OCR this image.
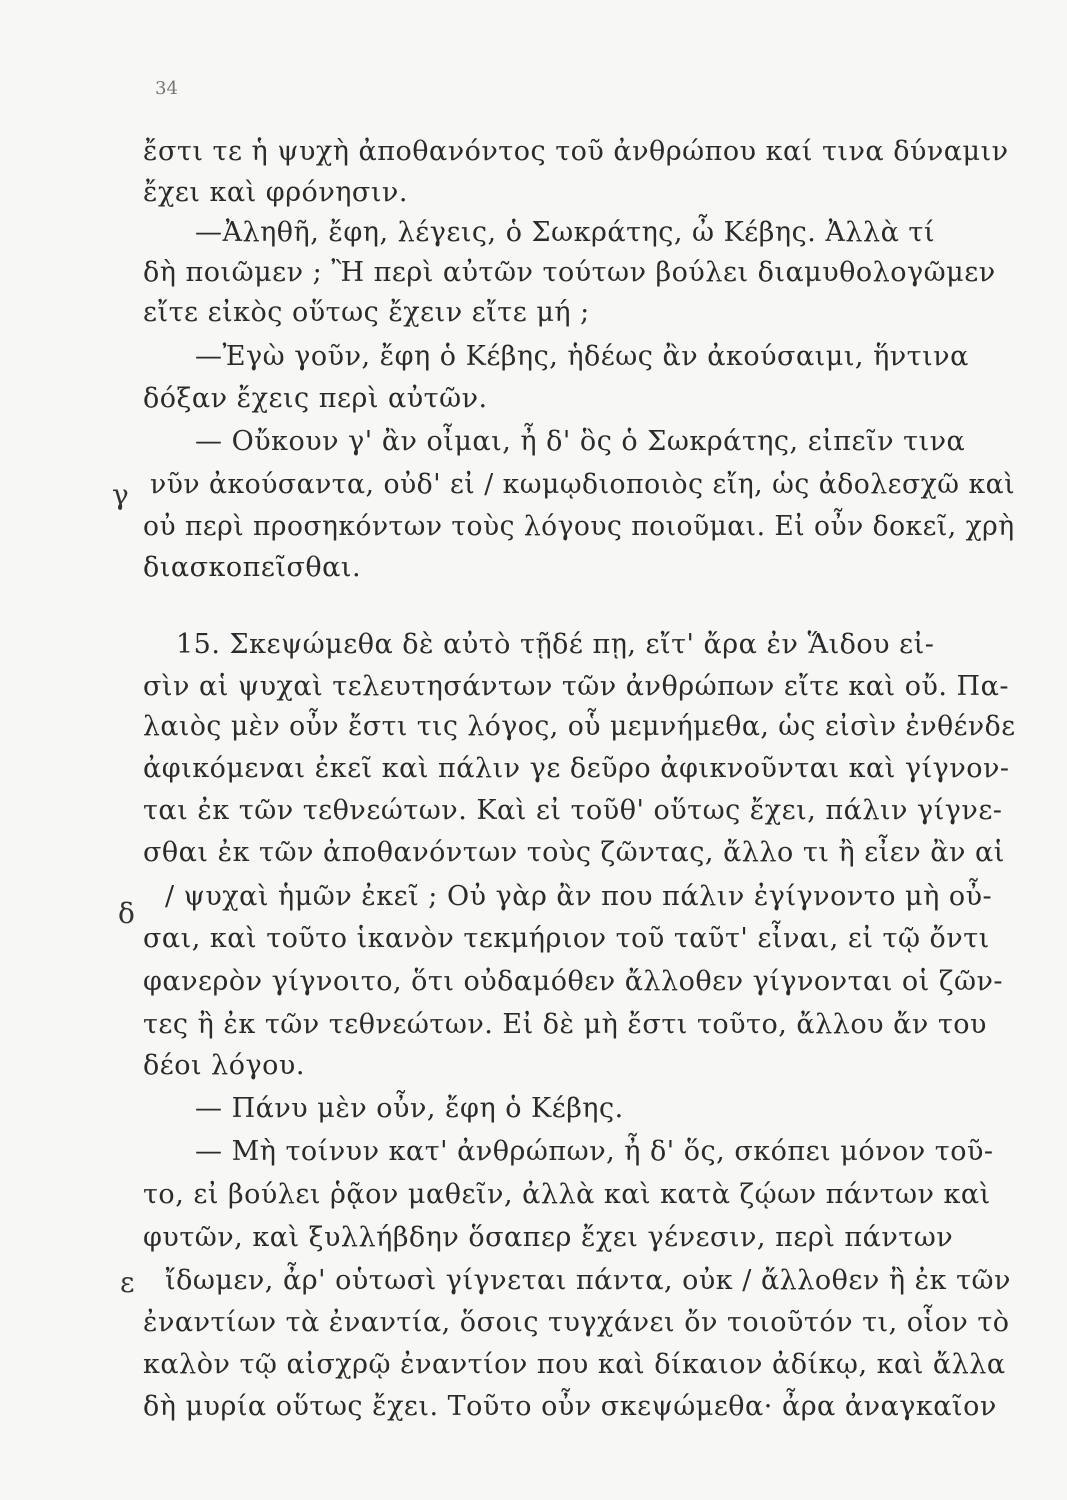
34
γ
δ
ε
ἔστι τε ἡ ψυχὴ ἀποθανόντος τοῦ ἀνθρώπου καί τινα δύναμιν
ἔχει καὶ φρόνησιν.
—Ἀληθῆ, ἔφη, λέγεις, ὁ Σωκράτης, ὦ Κέβης. Ἀλλὰ τί
δὴ ποιῶμεν ; Ἢ περὶ αὐτῶν τούτων βούλει διαμυθολογῶμεν
εἴτε εἰκὸς οὕτως ἔχειν εἴτε μή ;
—Ἐγὼ γοῦν, ἔφη ὁ Κέβης, ἡδέως ἂν ἀκούσαιμι, ἥντινα
δόξαν ἔχεις περὶ αὐτῶν.
— Οὔκουν γ' ἂν οἶμαι, ἦ δ' ὃς ὁ Σωκράτης, εἰπεῖν τινα
νῦν ἀκούσαντα, οὐδ' εἰ / κωμῳδιοποιὸς εἴη, ὡς ἀδολεσχῶ καὶ
οὐ περὶ προσηκόντων τοὺς λόγους ποιοῦμαι. Εἰ οὖν δοκεῖ, χρὴ
διασκοπεῖσθαι.
15. Σκεψώμεθα δὲ αὐτὸ τῇδέ πῃ, εἴτ' ἄρα ἐν Ἅιδου εἰ-
σὶν αἱ ψυχαὶ τελευτησάντων τῶν ἀνθρώπων εἴτε καὶ οὔ. Πα-
λαιὸς μὲν οὖν ἔστι τις λόγος, οὗ μεμνήμεθα, ὡς εἰσὶν ἐνθένδε
ἀφικόμεναι ἐκεῖ καὶ πάλιν γε δεῦρο ἀφικνοῦνται καὶ γίγνον-
ται ἐκ τῶν τεθνεώτων. Καὶ εἰ τοῦθ' οὕτως ἔχει, πάλιν γίγνε-
σθαι ἐκ τῶν ἀποθανόντων τοὺς ζῶντας, ἄλλο τι ἢ εἶεν ἂν αἱ
/ ψυχαὶ ἡμῶν ἐκεῖ ; Οὐ γὰρ ἂν που πάλιν ἐγίγνοντο μὴ οὖ-
σαι, καὶ τοῦτο ἱκανὸν τεκμήριον τοῦ ταῦτ' εἶναι, εἰ τῷ ὄντι
φανερὸν γίγνοιτο, ὅτι οὐδαμόθεν ἄλλοθεν γίγνονται οἱ ζῶν-
τες ἢ ἐκ τῶν τεθνεώτων. Εἰ δὲ μὴ ἔστι τοῦτο, ἄλλου ἄν του
δέοι λόγου.
— Πάνυ μὲν οὖν, ἔφη ὁ Κέβης.
— Μὴ τοίνυν κατ' ἀνθρώπων, ἦ δ' ὅς, σκόπει μόνον τοῦ-
το, εἰ βούλει ῥᾷον μαθεῖν, ἀλλὰ καὶ κατὰ ζῴων πάντων καὶ
φυτῶν, καὶ ξυλλήβδην ὅσαπερ ἔχει γένεσιν, περὶ πάντων
ἴδωμεν, ἆρ' οὑτωσὶ γίγνεται πάντα, οὐκ / ἄλλοθεν ἢ ἐκ τῶν
ἐναντίων τὰ ἐναντία, ὅσοις τυγχάνει ὄν τοιοῦτόν τι, οἷον τὸ
καλὸν τῷ αἰσχρῷ ἐναντίον που καὶ δίκαιον ἀδίκῳ, καὶ ἄλλα
δὴ μυρία οὕτως ἔχει. Τοῦτο οὖν σκεψώμεθα· ἆρα ἀναγκαῖον
